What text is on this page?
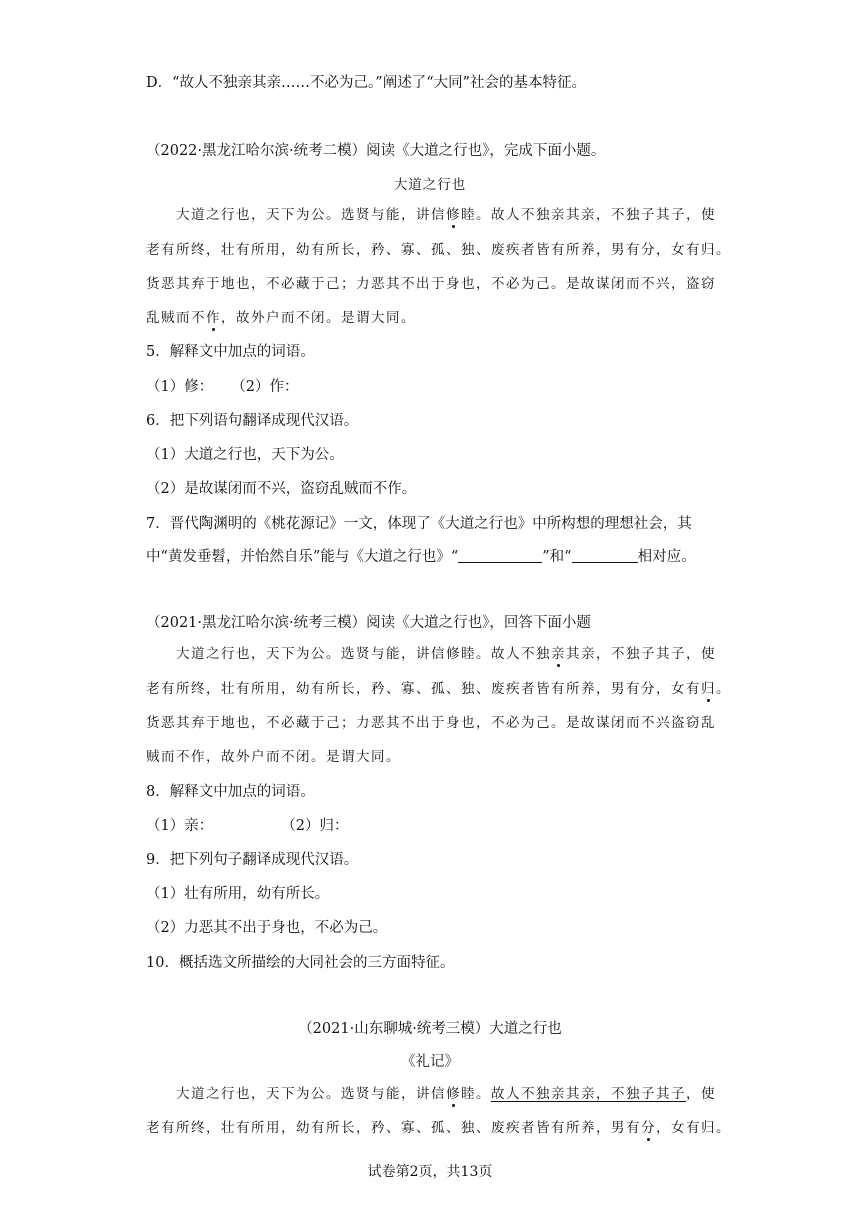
D．“故人不独亲其亲……不必为己。”阐述了“大同”社会的基本特征。
（2022·黑龙江哈尔滨·统考二模）阅读《大道之行也》，完成下面小题。
大道之行也
大道之行也，天下为公。选贤与能，讲信修睦。故人不独亲其亲，不独子其子，使
老有所终，壮有所用，幼有所长，矜、寡、孤、独、废疾者皆有所养，男有分，女有归。
货恶其弃于地也，不必藏于己；力恶其不出于身也，不必为己。是故谋闭而不兴，盗窃
乱贼而不作，故外户而不闭。是谓大同。
5．解释文中加点的词语。
（1）修： （2）作：
6．把下列语句翻译成现代汉语。
（1）大道之行也，天下为公。
（2）是故谋闭而不兴，盗窃乱贼而不作。
7．晋代陶渊明的《桃花源记》一文，体现了《大道之行也》中所构想的理想社会，其
中“黄发垂髫，并怡然自乐”能与《大道之行也》“	”和“	相对应。
（2021·黑龙江哈尔滨·统考三模）阅读《大道之行也》，回答下面小题
大道之行也，天下为公。选贤与能，讲信修睦。故人不独亲其亲，不独子其子，使
老有所终，壮有所用，幼有所长，矜、寡、孤、独、废疾者皆有所养，男有分，女有归。
货恶其弃于地也，不必藏于己；力恶其不出于身也，不必为己。是故谋闭而不兴盗窃乱
贼而不作，故外户而不闭。是谓大同。
8．解释文中加点的词语。
（1）亲：	（2）归：
9．把下列句子翻译成现代汉语。
（1）壮有所用，幼有所长。
（2）力恶其不出于身也，不必为己。
10．概括选文所描绘的大同社会的三方面特征。
（2021·山东聊城·统考三模）大道之行也
《礼记》
大道之行也，天下为公。选贤与能，讲信修睦。故人不独亲其亲，不独子其子，使
老有所终，壮有所用，幼有所长，矜、寡、孤、独、废疾者皆有所养，男有分，女有归。
试卷第2页，共13页
